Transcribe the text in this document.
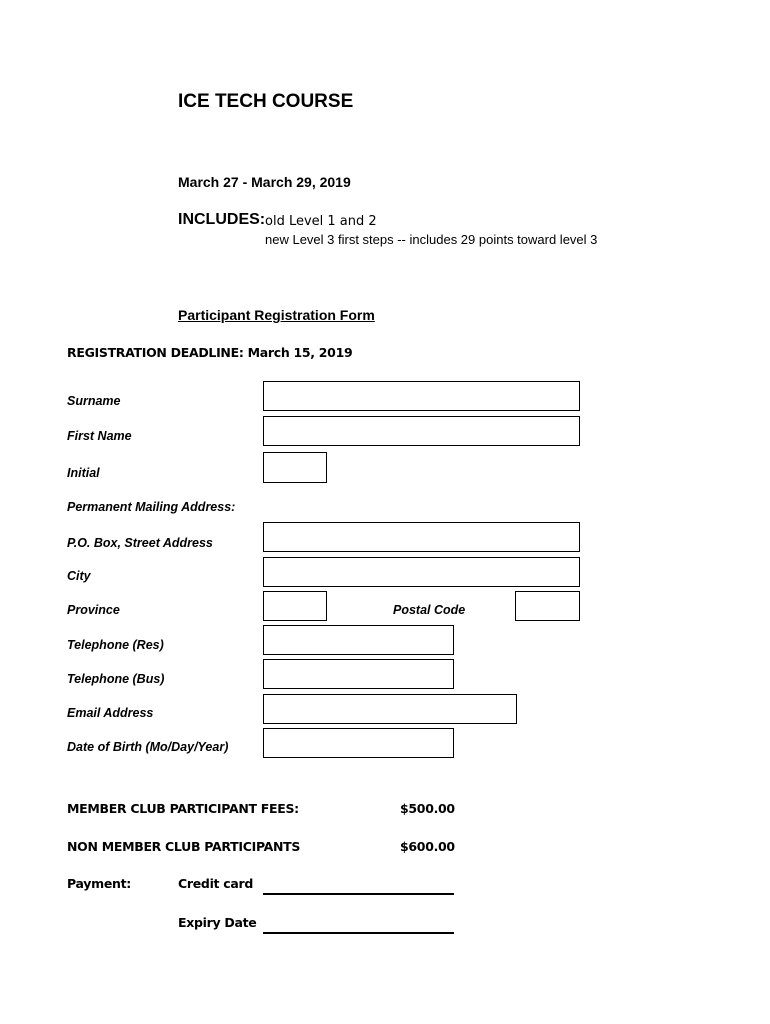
ICE TECH COURSE
March 27 - March 29, 2019
INCLUDES: old Level 1 and 2
new Level 3 first steps -- includes 29 points toward level 3
Participant Registration Form
REGISTRATION DEADLINE: March 15, 2019
Surname
First Name
Initial
Permanent Mailing Address:
P.O. Box, Street Address
City
Province	Postal Code
Telephone (Res)
Telephone (Bus)
Email Address
Date of Birth (Mo/Day/Year)
MEMBER CLUB PARTICIPANT FEES:	$500.00
NON MEMBER CLUB PARTICIPANTS	$600.00
Payment:	Credit card
Expiry Date
